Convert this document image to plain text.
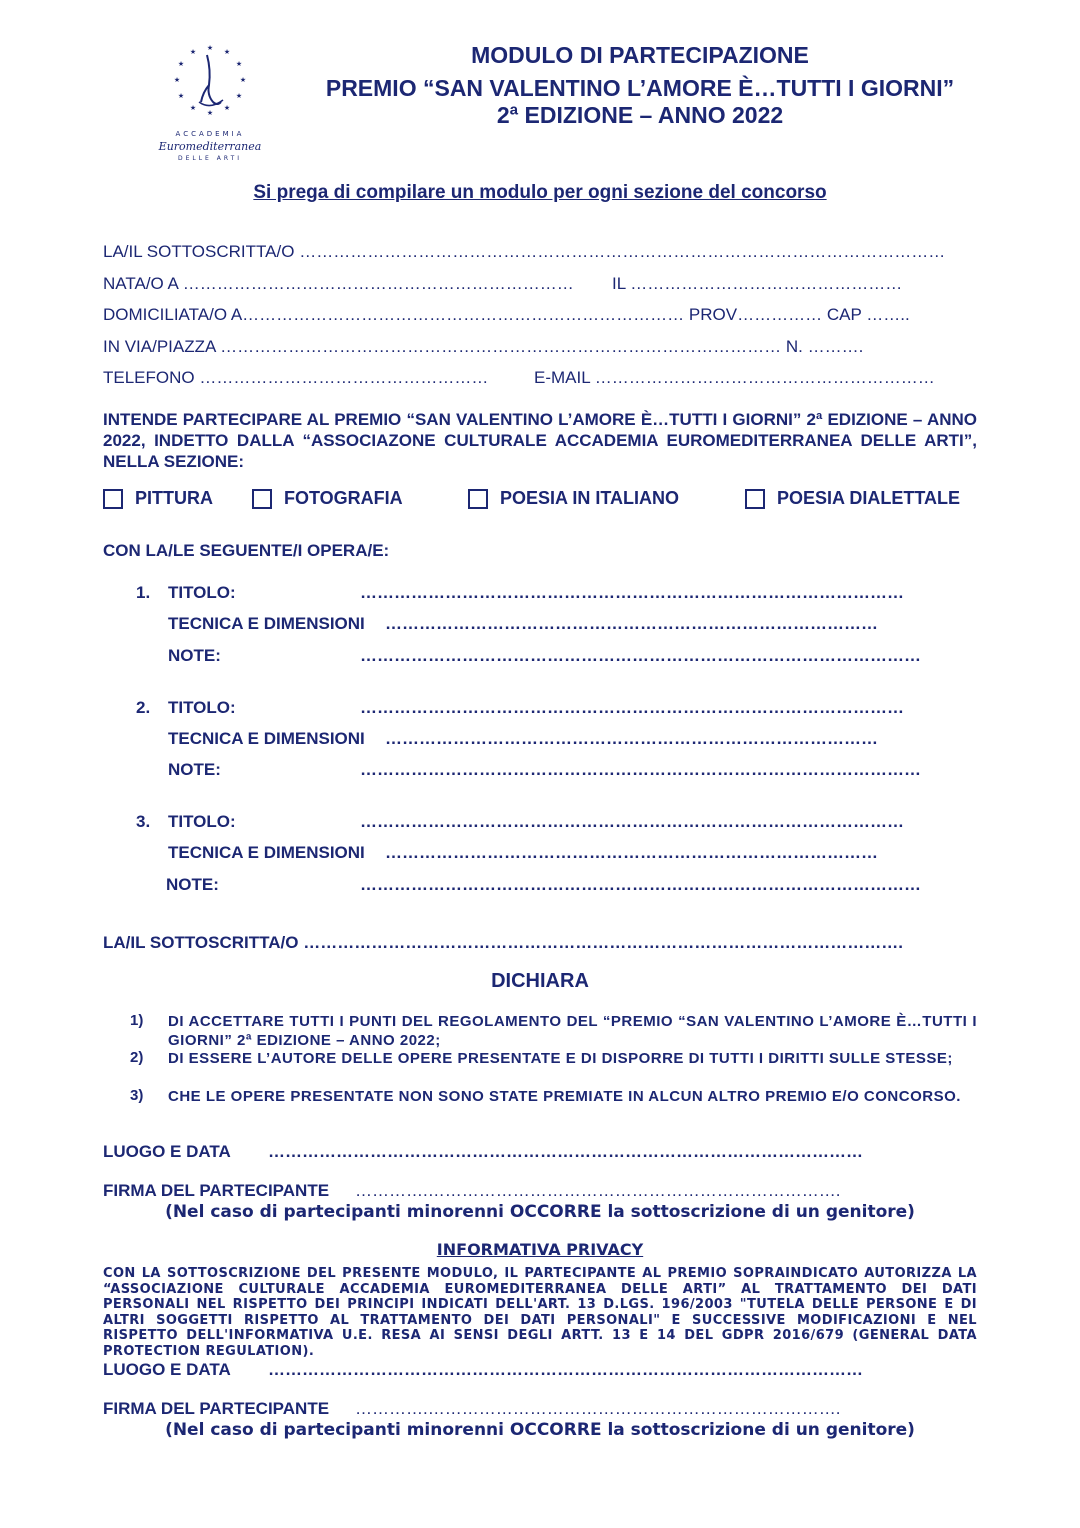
★ ★
★
★
★
★
★
★
★
★
★
★
ACCADEMIA
Euromediterranea
DELLE ARTI
MODULO DI PARTECIPAZIONE
PREMIO “SAN VALENTINO L’AMORE È…TUTTI I GIORNI”
2ª EDIZIONE – ANNO 2022
Si prega di compilare un modulo per ogni sezione del concorso
LA/IL SOTTOSCRITTA/O ……………………………………………………………………………………………………
NATA/O A …………………………………………………………… IL …………………………………………
DOMICILIATA/O A…………………………………………………………………… PROV…………… CAP ……..
IN VIA/PIAZZA ……………………………………………………………………………………… N. ……….
TELEFONO ……………………………………………	E-MAIL ……………………………………………………
INTENDE PARTECIPARE AL PREMIO “SAN VALENTINO L’AMORE È…TUTTI I GIORNI” 2ª EDIZIONE – ANNO 2022, INDETTO DALLA “ASSOCIAZONE CULTURALE ACCADEMIA EUROMEDITERRANEA DELLE ARTI”, NELLA SEZIONE:
PITTURA	FOTOGRAFIA	POESIA IN ITALIANO	POESIA DIALETTALE
CON LA/LE SEGUENTE/I OPERA/E:
1. TITOLO:	……………………………………………………………………………………
TECNICA E DIMENSIONI ……………………………………………………………………………
NOTE:	………………………………………………………………………………………
2. TITOLO:	……………………………………………………………………………………
TECNICA E DIMENSIONI ……………………………………………………………………………
NOTE:	………………………………………………………………………………………
3. TITOLO:	……………………………………………………………………………………
TECNICA E DIMENSIONI ……………………………………………………………………………
NOTE:	………………………………………………………………………………………
LA/IL SOTTOSCRITTA/O …………………………………………………………………………………………….
DICHIARA
1) DI ACCETTARE TUTTI I PUNTI DEL REGOLAMENTO DEL “PREMIO “SAN VALENTINO L’AMORE È…TUTTI I GIORNI” 2ª EDIZIONE – ANNO 2022;
2) DI ESSERE L’AUTORE DELLE OPERE PRESENTATE E DI DISPORRE DI TUTTI I DIRITTI SULLE STESSE;
3) CHE LE OPERE PRESENTATE NON SONO STATE PREMIATE IN ALCUN ALTRO PREMIO E/O CONCORSO.
LUOGO E DATA ……………………………………………………………………………………………
FIRMA DEL PARTECIPANTE ………….……………………………………………………………….
(Nel caso di partecipanti minorenni OCCORRE la sottoscrizione di un genitore)
INFORMATIVA PRIVACY
CON LA SOTTOSCRIZIONE DEL PRESENTE MODULO, IL PARTECIPANTE AL PREMIO SOPRAINDICATO AUTORIZZA LA “ASSOCIAZIONE CULTURALE ACCADEMIA EUROMEDITERRANEA DELLE ARTI” AL TRATTAMENTO DEI DATI PERSONALI NEL RISPETTO DEI PRINCIPI INDICATI DELL'ART. 13 D.LGS. 196/2003 "TUTELA DELLE PERSONE E DI ALTRI SOGGETTI RISPETTO AL TRATTAMENTO DEI DATI PERSONALI" E SUCCESSIVE MODIFICAZIONI E NEL RISPETTO DELL'INFORMATIVA U.E. RESA AI SENSI DEGLI ARTT. 13 E 14 DEL GDPR 2016/679 (GENERAL DATA PROTECTION REGULATION).
LUOGO E DATA ……………………………………………………………………………………………
FIRMA DEL PARTECIPANTE ………….……………………………………………………………….
(Nel caso di partecipanti minorenni OCCORRE la sottoscrizione di un genitore)
